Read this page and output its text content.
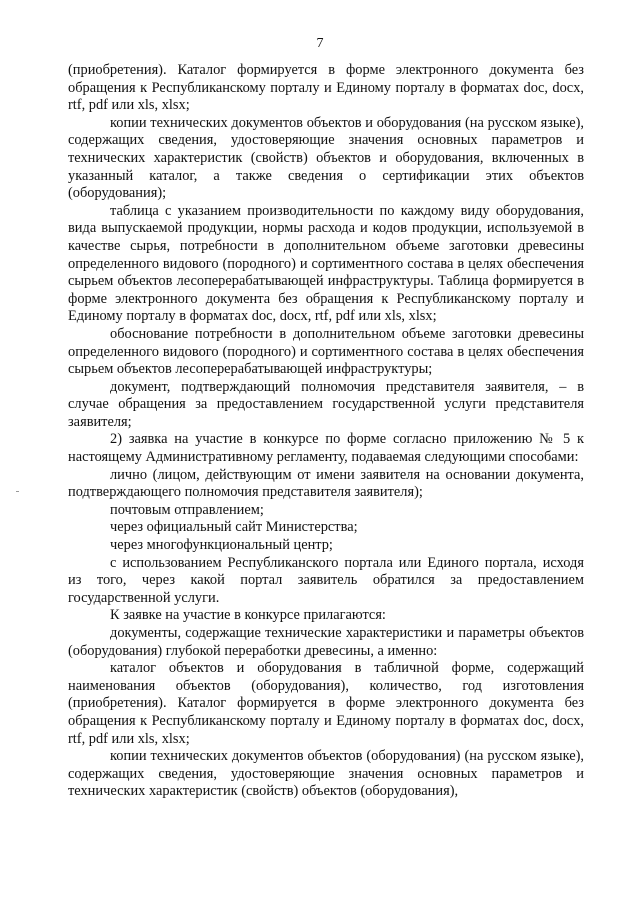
7

(приобретения). Каталог формируется в форме электронного документа без обращения к Республиканскому порталу и Единому порталу в форматах doc, docx, rtf, pdf или xls, xlsx;

копии технических документов объектов и оборудования (на русском языке), содержащих сведения, удостоверяющие значения основных параметров и технических характеристик (свойств) объектов и оборудования, включенных в указанный каталог, а также сведения о сертификации этих объектов (оборудования);

таблица с указанием производительности по каждому виду оборудования, вида выпускаемой продукции, нормы расхода и кодов продукции, используемой в качестве сырья, потребности в дополнительном объеме заготовки древесины определенного видового (породного) и сортиментного состава в целях обеспечения сырьем объектов лесоперерабатывающей инфраструктуры. Таблица формируется в форме электронного документа без обращения к Республиканскому порталу и Единому порталу в форматах doc, docx, rtf, pdf или xls, xlsx;

обоснование потребности в дополнительном объеме заготовки древесины определенного видового (породного) и сортиментного состава в целях обеспечения сырьем объектов лесоперерабатывающей инфраструктуры;

документ, подтверждающий полномочия представителя заявителя, – в случае обращения за предоставлением государственной услуги представителя заявителя;

2) заявка на участие в конкурсе по форме согласно приложению № 5 к настоящему Административному регламенту, подаваемая следующими способами:

лично (лицом, действующим от имени заявителя на основании документа, подтверждающего полномочия представителя заявителя);

почтовым отправлением;

через официальный сайт Министерства;

через многофункциональный центр;

с использованием Республиканского портала или Единого портала, исходя из того, через какой портал заявитель обратился за предоставлением государственной услуги.

К заявке на участие в конкурсе прилагаются:

документы, содержащие технические характеристики и параметры объектов (оборудования) глубокой переработки древесины, а именно:

каталог объектов и оборудования в табличной форме, содержащий наименования объектов (оборудования), количество, год изготовления (приобретения). Каталог формируется в форме электронного документа без обращения к Республиканскому порталу и Единому порталу в форматах doc, docx, rtf, pdf или xls, xlsx;

копии технических документов объектов (оборудования) (на русском языке), содержащих сведения, удостоверяющие значения основных параметров и технических характеристик (свойств) объектов (оборудования),
